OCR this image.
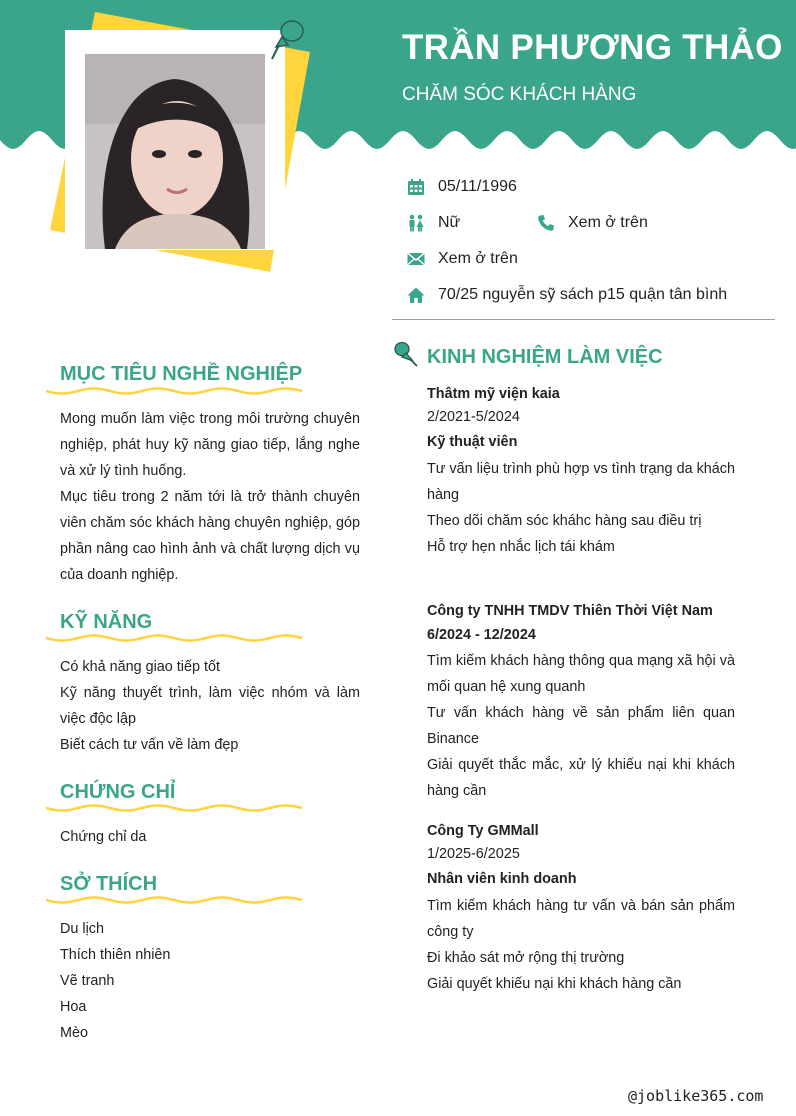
TRẦN PHƯƠNG THẢO
CHĂM SÓC KHÁCH HÀNG
05/11/1996
Nữ	Xem ở trên
Xem ở trên
70/25 nguyễn sỹ sách p15 quận tân bình
MỤC TIÊU NGHỀ NGHIỆP

Mong muốn làm việc trong môi trường chuyên nghiệp, phát huy kỹ năng giao tiếp, lắng nghe và xử lý tình huống.

Mục tiêu trong 2 năm tới là trở thành chuyên viên chăm sóc khách hàng chuyên nghiệp, góp phần nâng cao hình ảnh và chất lượng dịch vụ của doanh nghiệp.

KỸ NĂNG
Có khả năng giao tiếp tốt
Kỹ năng thuyết trình, làm việc nhóm và làm việc độc lập
Biết cách tư vấn về làm đẹp
CHỨNG CHỈ
Chứng chỉ da
SỞ THÍCH
Du lịch
Thích thiên nhiên
Vẽ tranh
Hoa
Mèo
KINH NGHIỆM LÀM VIỆC
Thâtm mỹ viện kaia
2/2021-5/2024
Kỹ thuật viên
Tư vấn liệu trình phù hợp vs tình trạng da khách hàng
Theo dõi chăm sóc kháhc hàng sau điều trị
Hỗ trợ hẹn nhắc lịch tái khám
Công ty TNHH TMDV Thiên Thời Việt Nam
6/2024 - 12/2024
Tìm kiếm khách hàng thông qua mạng xã hội và mối quan hệ xung quanh
Tư vấn khách hàng về sản phẩm liên quan Binance
Giải quyết thắc mắc, xử lý khiếu nại khi khách hàng cần
Công Ty GMMall
1/2025-6/2025
Nhân viên kinh doanh
Tìm kiếm khách hàng tư vấn và bán sản phẩm công ty
Đi khảo sát mở rộng thị trường
Giải quyết khiếu nại khi khách hàng cần
@joblike365.com
